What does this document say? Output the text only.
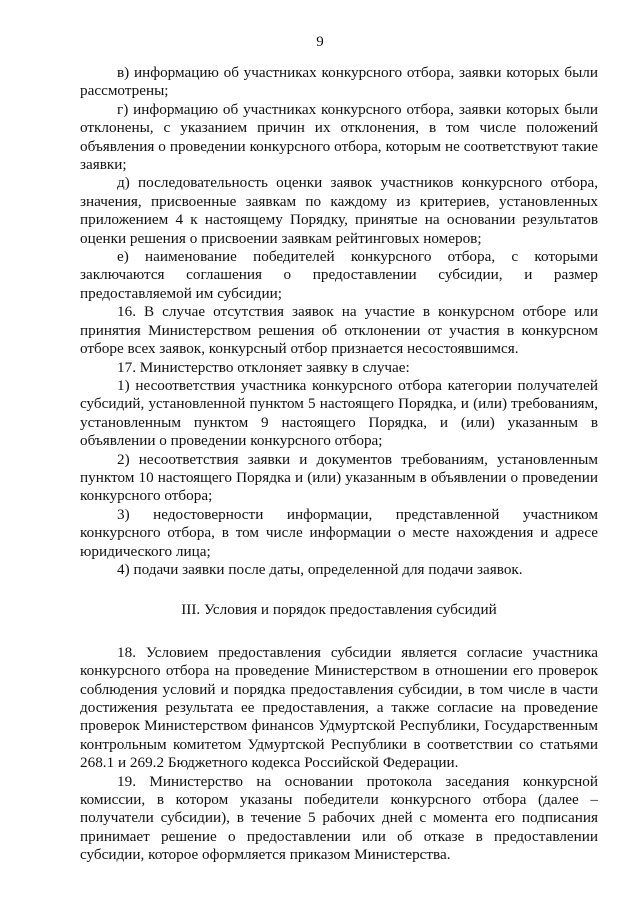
9

в) информацию об участниках конкурсного отбора, заявки которых были рассмотрены;

г) информацию об участниках конкурсного отбора, заявки которых были отклонены, с указанием причин их отклонения, в том числе положений объявления о проведении конкурсного отбора, которым не соответствуют такие заявки;

д) последовательность оценки заявок участников конкурсного отбора, значения, присвоенные заявкам по каждому из критериев, установленных приложением 4 к настоящему Порядку, принятые на основании результатов оценки решения о присвоении заявкам рейтинговых номеров;

е) наименование победителей конкурсного отбора, с которыми заключаются соглашения о предоставлении субсидии, и размер предоставляемой им субсидии;

16. В случае отсутствия заявок на участие в конкурсном отборе или принятия Министерством решения об отклонении от участия в конкурсном отборе всех заявок, конкурсный отбор признается несостоявшимся.

17. Министерство отклоняет заявку в случае:

1) несоответствия участника конкурсного отбора категории получателей субсидий, установленной пунктом 5 настоящего Порядка, и (или) требованиям, установленным пунктом 9 настоящего Порядка, и (или) указанным в объявлении о проведении конкурсного отбора;

2) несоответствия заявки и документов требованиям, установленным пунктом 10 настоящего Порядка и (или) указанным в объявлении о проведении конкурсного отбора;

3) недостоверности информации, представленной участником конкурсного отбора, в том числе информации о месте нахождения и адресе юридического лица;

4) подачи заявки после даты, определенной для подачи заявок.

III. Условия и порядок предоставления субсидий

18. Условием предоставления субсидии является согласие участника конкурсного отбора на проведение Министерством в отношении его проверок соблюдения условий и порядка предоставления субсидии, в том числе в части достижения результата ее предоставления, а также согласие на проведение проверок Министерством финансов Удмуртской Республики, Государственным контрольным комитетом Удмуртской Республики в соответствии со статьями 268.1 и 269.2 Бюджетного кодекса Российской Федерации.

19. Министерство на основании протокола заседания конкурсной комиссии, в котором указаны победители конкурсного отбора (далее – получатели субсидии), в течение 5 рабочих дней с момента его подписания принимает решение о предоставлении или об отказе в предоставлении субсидии, которое оформляется приказом Министерства.
